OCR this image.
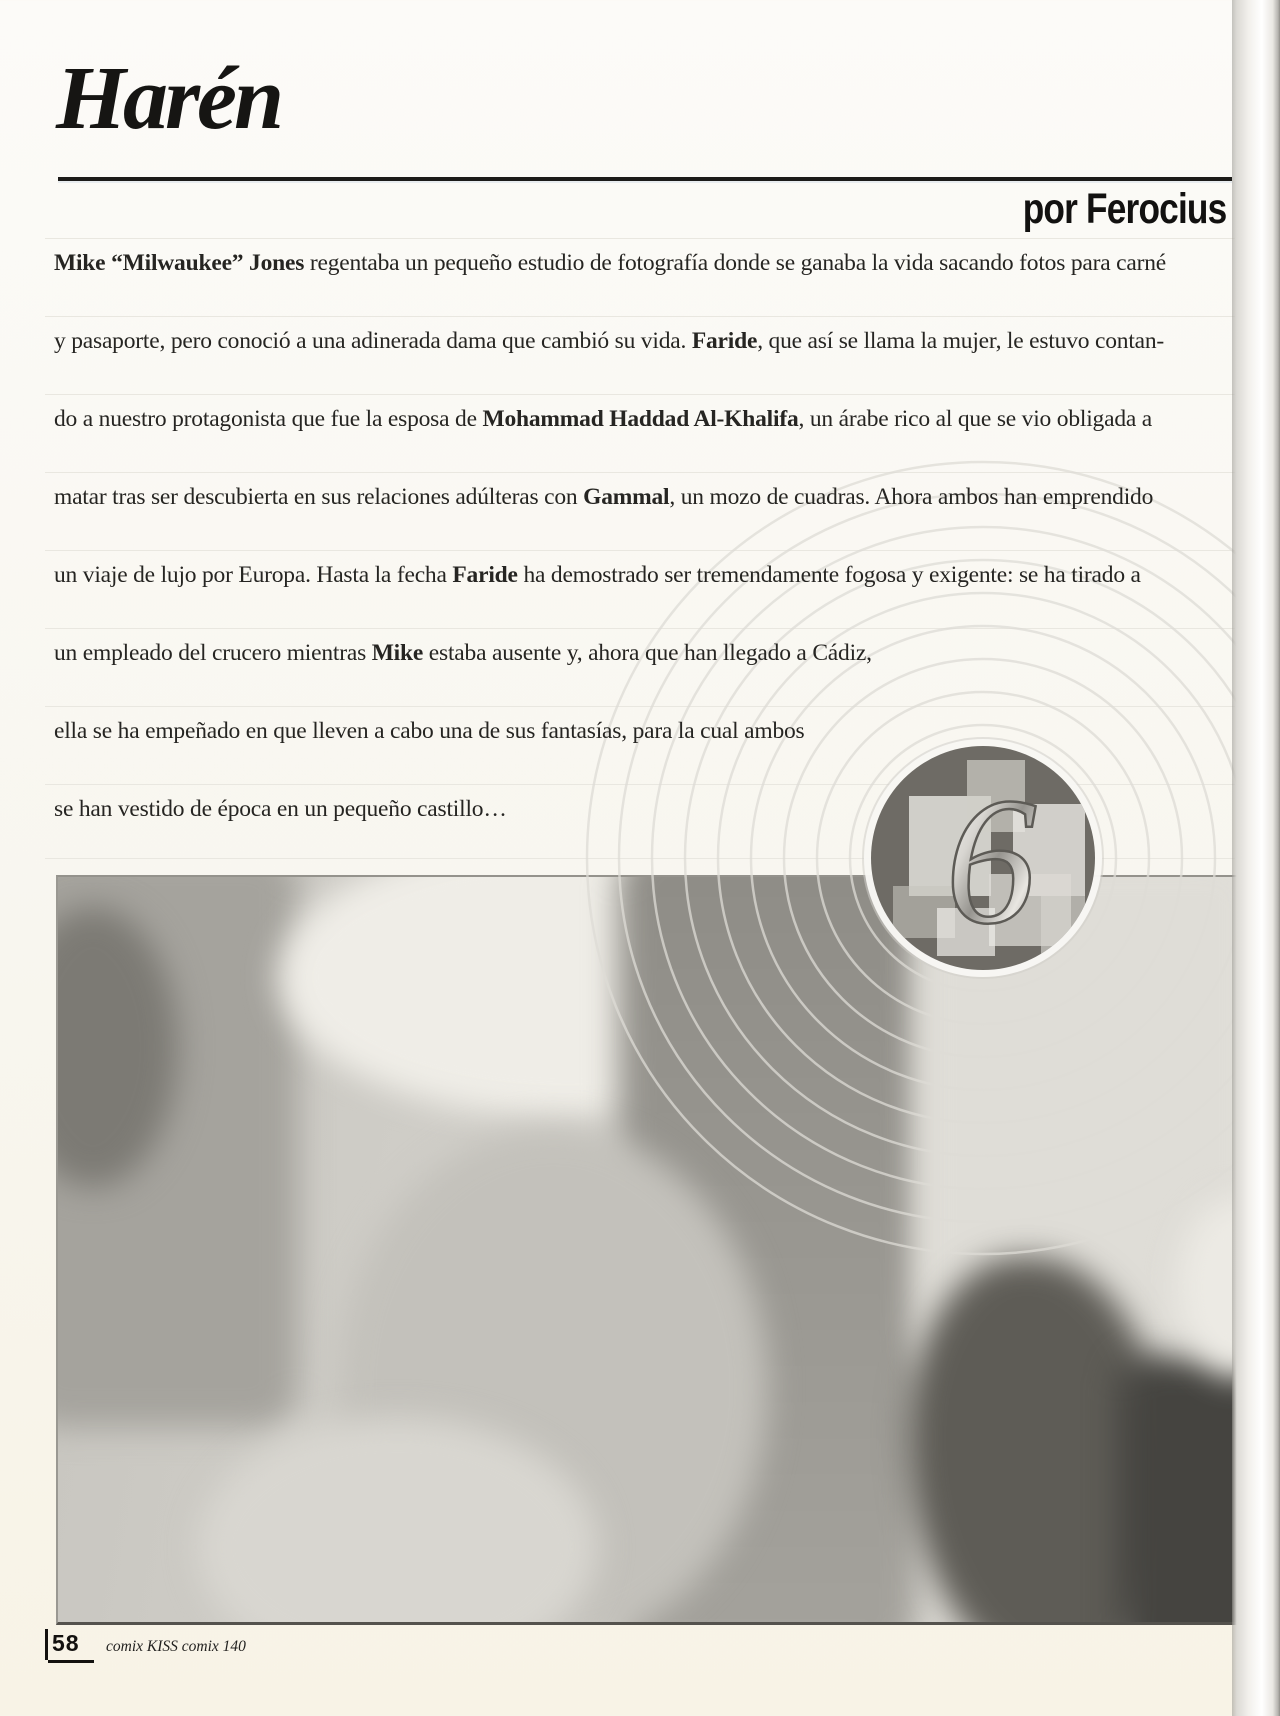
Harén
por Ferocius
6
Mike “Milwaukee” Jones regentaba un pequeño estudio de fotografía donde se ganaba la vida sacando fotos para carné
y pasaporte, pero conoció a una adinerada dama que cambió su vida. Faride, que así se llama la mujer, le estuvo contan-
do a nuestro protagonista que fue la esposa de Mohammad Haddad Al-Khalifa, un árabe rico al que se vio obligada a
matar tras ser descubierta en sus relaciones adúlteras con Gammal, un mozo de cuadras. Ahora ambos han emprendido
un viaje de lujo por Europa. Hasta la fecha Faride ha demostrado ser tremendamente fogosa y exigente: se ha tirado a
un empleado del crucero mientras Mike estaba ausente y, ahora que han llegado a Cádiz,
ella se ha empeñado en que lleven a cabo una de sus fantasías, para la cual ambos
se han vestido de época en un pequeño castillo…
58 comix KISS comix 140
